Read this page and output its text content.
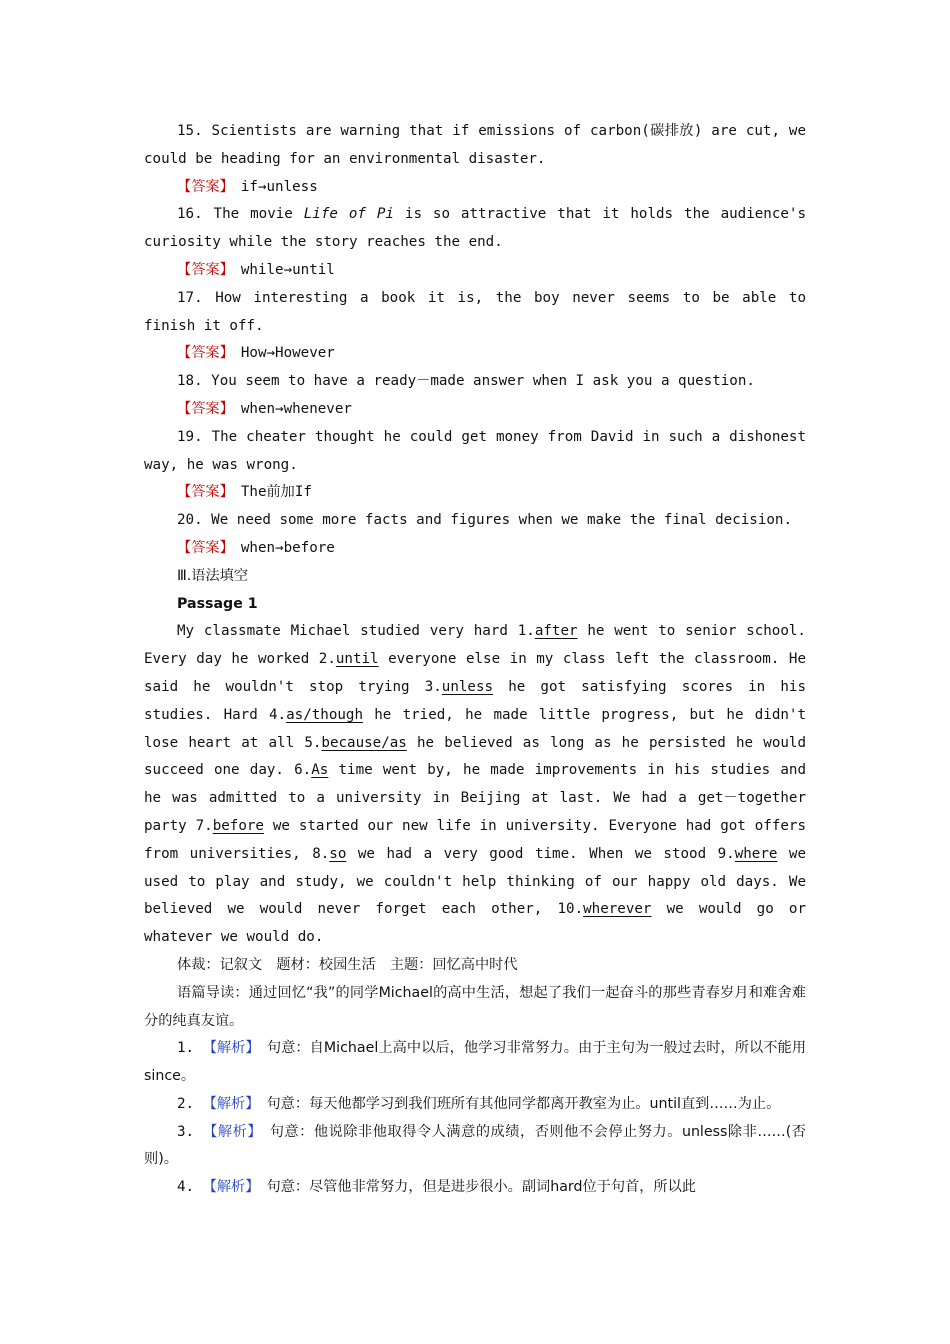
15. Scientists are warning that if emissions of carbon(碳排放) are cut, we could be heading for an environmental disaster.

【答案】　 if→unless

16. The movie Life of Pi is so attractive that it holds the audience's curiosity while the story reaches the end.

【答案】　 while→until

17. How interesting a book it is, the boy never seems to be able to finish it off.

【答案】　 How→However

18. You seem to have a ready－made answer when I ask you a question.

【答案】　 when→whenever

19. The cheater thought he could get money from David in such a dishonest way, he was wrong.

【答案】　 The前加If

20. We need some more facts and figures when we make the final decision.

【答案】　 when→before

Ⅲ.语法填空

Passage 1

My classmate Michael studied very hard 1.after he went to senior school. Every day he worked 2.until everyone else in my class left the classroom. He said he wouldn't stop trying 3.unless he got satisfying scores in his studies. Hard 4.as/though he tried, he made little progress, but he didn't lose heart at all 5.because/as he believed as long as he persisted he would succeed one day. 6.As time went by, he made improvements in his studies and he was admitted to a university in Beijing at last. We had a get－together party 7.before we started our new life in university. Everyone had got offers from universities, 8.so we had a very good time. When we stood 9.where we used to play and study, we couldn't help thinking of our happy old days. We believed we would never forget each other, 10.wherever we would go or whatever we would do.

体裁：记叙文　题材：校园生活　主题：回忆高中时代

语篇导读：通过回忆“我”的同学Michael的高中生活，想起了我们一起奋斗的那些青春岁月和难舍难分的纯真友谊。

1. 【解析】　句意：自Michael上高中以后，他学习非常努力。由于主句为一般过去时，所以不能用since。

2. 【解析】　句意：每天他都学习到我们班所有其他同学都离开教室为止。until直到……为止。

3. 【解析】　句意：他说除非他取得令人满意的成绩，否则他不会停止努力。unless除非……(否则)。

4. 【解析】　句意：尽管他非常努力，但是进步很小。副词hard位于句首，所以此
